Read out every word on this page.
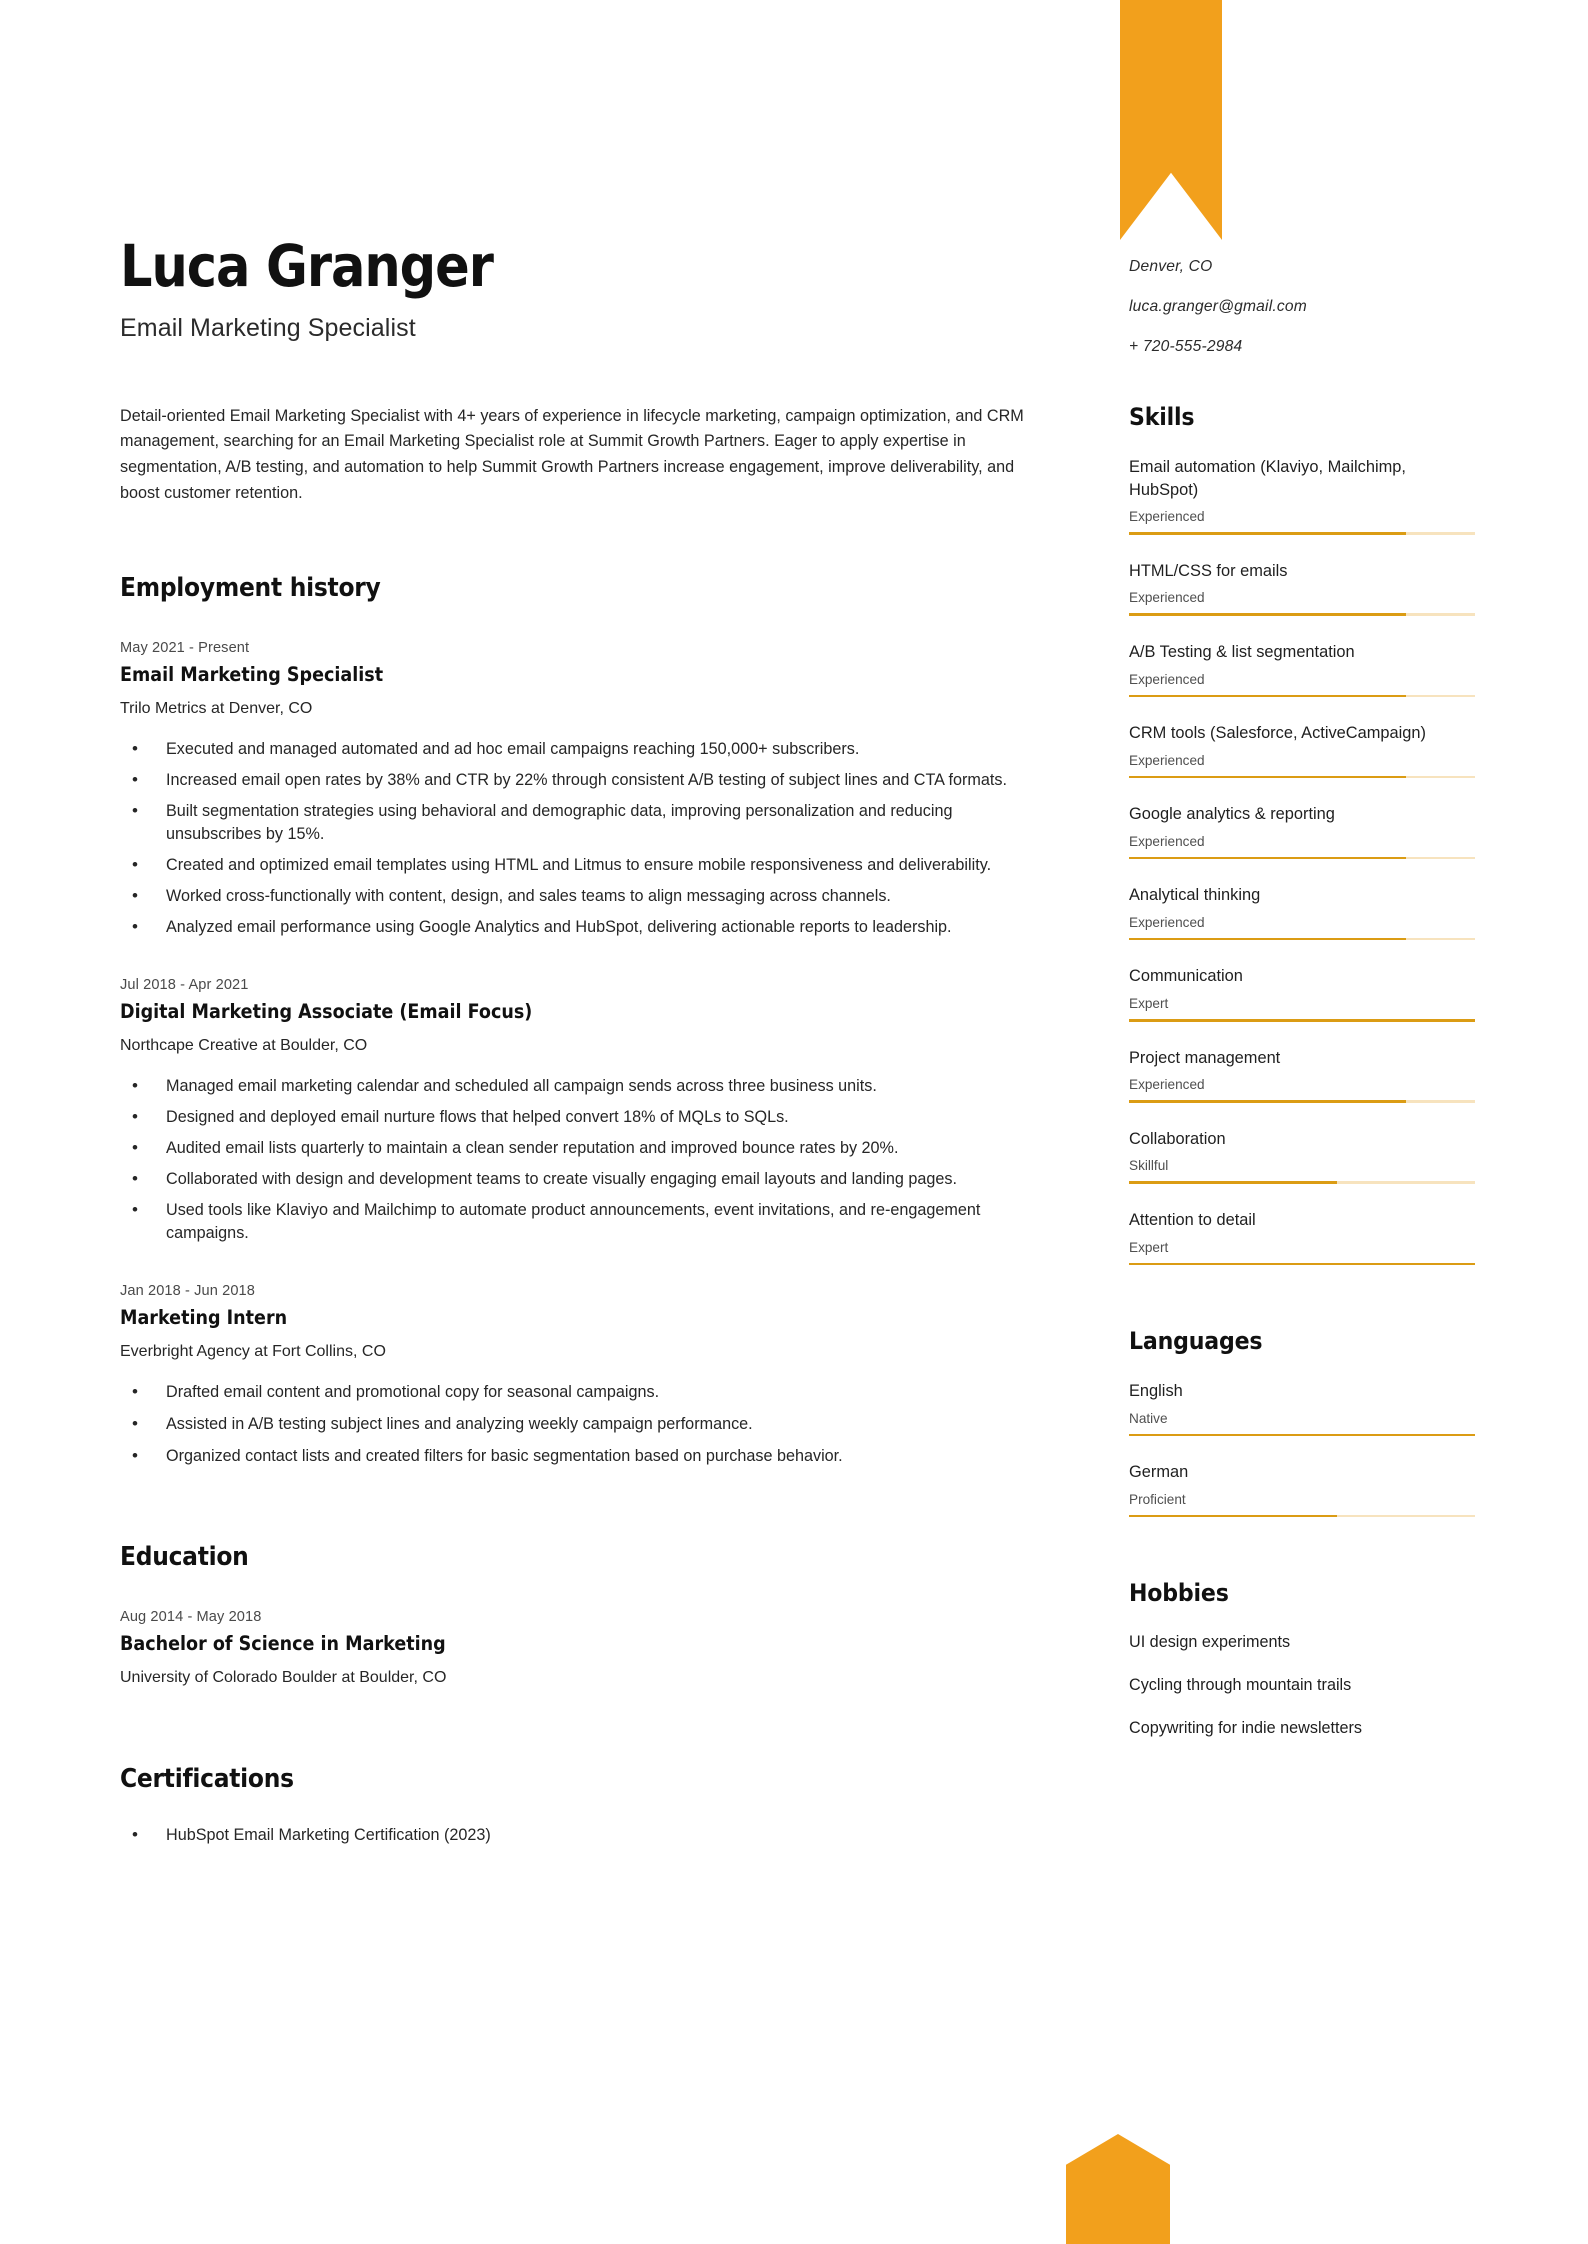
Luca Granger
Email Marketing Specialist
Detail-oriented Email Marketing Specialist with 4+ years of experience in lifecycle marketing, campaign optimization, and CRM management, searching for an Email Marketing Specialist role at Summit Growth Partners. Eager to apply expertise in segmentation, A/B testing, and automation to help Summit Growth Partners increase engagement, improve deliverability, and boost customer retention.
Employment history
May 2021 - Present
Email Marketing Specialist
Trilo Metrics at Denver, CO
• Executed and managed automated and ad hoc email campaigns reaching 150,000+ subscribers.
• Increased email open rates by 38% and CTR by 22% through consistent A/B testing of subject lines and CTA formats.
• Built segmentation strategies using behavioral and demographic data, improving personalization and reducing unsubscribes by 15%.
• Created and optimized email templates using HTML and Litmus to ensure mobile responsiveness and deliverability.
• Worked cross-functionally with content, design, and sales teams to align messaging across channels.
• Analyzed email performance using Google Analytics and HubSpot, delivering actionable reports to leadership.
Jul 2018 - Apr 2021
Digital Marketing Associate (Email Focus)
Northcape Creative at Boulder, CO
• Managed email marketing calendar and scheduled all campaign sends across three business units.
• Designed and deployed email nurture flows that helped convert 18% of MQLs to SQLs.
• Audited email lists quarterly to maintain a clean sender reputation and improved bounce rates by 20%.
• Collaborated with design and development teams to create visually engaging email layouts and landing pages.
• Used tools like Klaviyo and Mailchimp to automate product announcements, event invitations, and re-engagement campaigns.
Jan 2018 - Jun 2018
Marketing Intern
Everbright Agency at Fort Collins, CO
• Drafted email content and promotional copy for seasonal campaigns.
• Assisted in A/B testing subject lines and analyzing weekly campaign performance.
• Organized contact lists and created filters for basic segmentation based on purchase behavior.
Education
Aug 2014 - May 2018
Bachelor of Science in Marketing
University of Colorado Boulder at Boulder, CO
Certifications
• HubSpot Email Marketing Certification (2023)
Denver, CO
luca.granger@gmail.com
+ 720-555-2984
Skills
Email automation (Klaviyo, Mailchimp, HubSpot)
Experienced
HTML/CSS for emails
Experienced
A/B Testing & list segmentation
Experienced
CRM tools (Salesforce, ActiveCampaign)
Experienced
Google analytics & reporting
Experienced
Analytical thinking
Experienced
Communication
Expert
Project management
Experienced
Collaboration
Skillful
Attention to detail
Expert
Languages
English
Native
German
Proficient
Hobbies
UI design experiments
Cycling through mountain trails
Copywriting for indie newsletters
